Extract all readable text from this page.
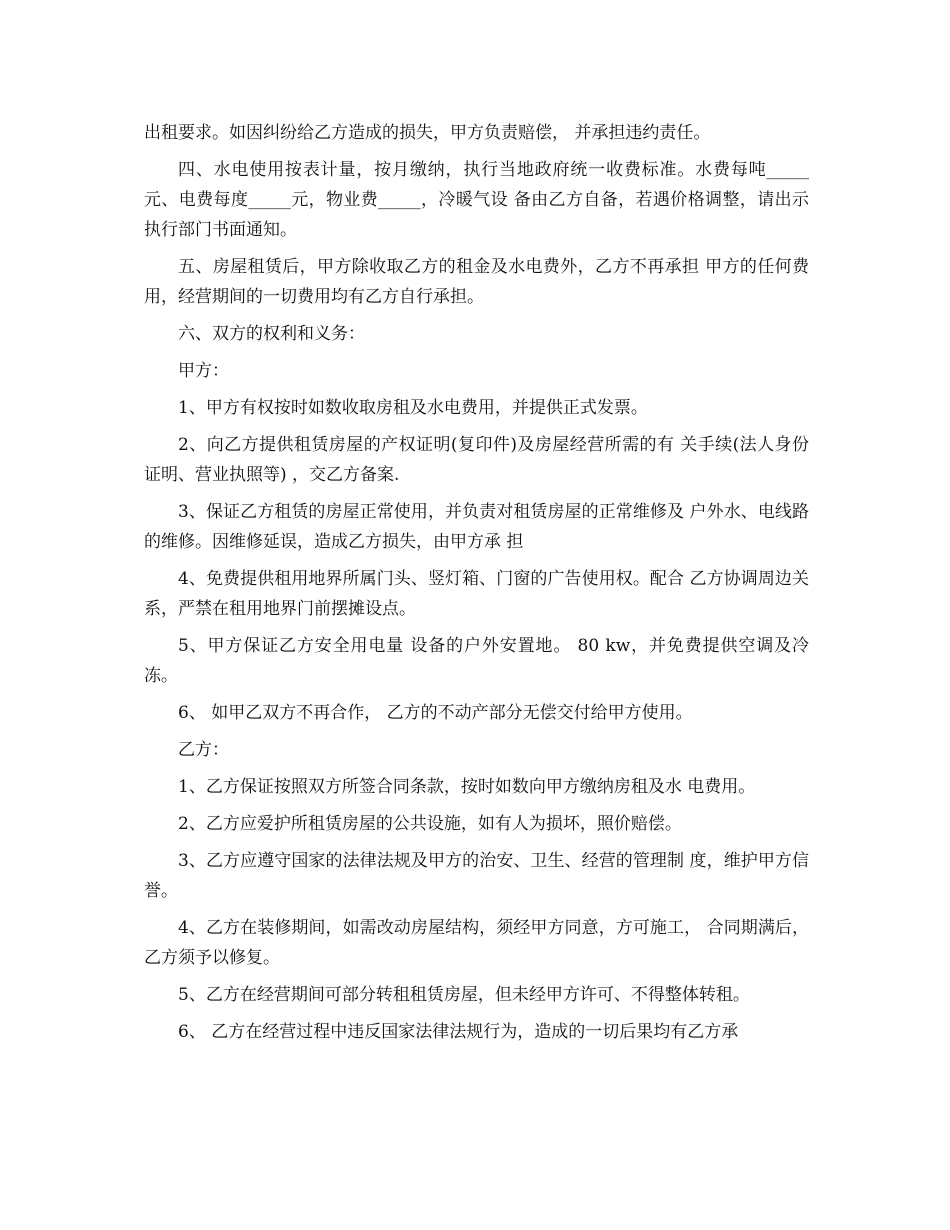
出租要求。如因纠纷给乙方造成的损失，甲方负责赔偿， 并承担违约责任。

四、水电使用按表计量，按月缴纳，执行当地政府统一收费标准。水费每吨_____元、电费每度_____元，物业费_____，冷暖气设 备由乙方自备，若遇价格调整，请出示执行部门书面通知。

五、房屋租赁后，甲方除收取乙方的租金及水电费外，乙方不再承担 甲方的任何费用，经营期间的一切费用均有乙方自行承担。

六、双方的权利和义务：

甲方：

1、甲方有权按时如数收取房租及水电费用，并提供正式发票。

2、向乙方提供租赁房屋的产权证明(复印件)及房屋经营所需的有 关手续(法人身份证明、营业执照等) ，交乙方备案.

3、保证乙方租赁的房屋正常使用，并负责对租赁房屋的正常维修及 户外水、电线路的维修。因维修延误，造成乙方损失，由甲方承 担

4、免费提供租用地界所属门头、竖灯箱、门窗的广告使用权。配合 乙方协调周边关系，严禁在租用地界门前摆摊设点。

5、甲方保证乙方安全用电量 设备的户外安置地。 80 kw，并免费提供空调及冷冻。

6、 如甲乙双方不再合作， 乙方的不动产部分无偿交付给甲方使用。

乙方：

1、乙方保证按照双方所签合同条款，按时如数向甲方缴纳房租及水 电费用。

2、乙方应爱护所租赁房屋的公共设施，如有人为损坏，照价赔偿。

3、乙方应遵守国家的法律法规及甲方的治安、卫生、经营的管理制 度，维护甲方信誉。

4、乙方在装修期间，如需改动房屋结构，须经甲方同意，方可施工， 合同期满后，乙方须予以修复。

5、乙方在经营期间可部分转租租赁房屋，但未经甲方许可、不得整体转租。

6、 乙方在经营过程中违反国家法律法规行为，造成的一切后果均有乙方承
